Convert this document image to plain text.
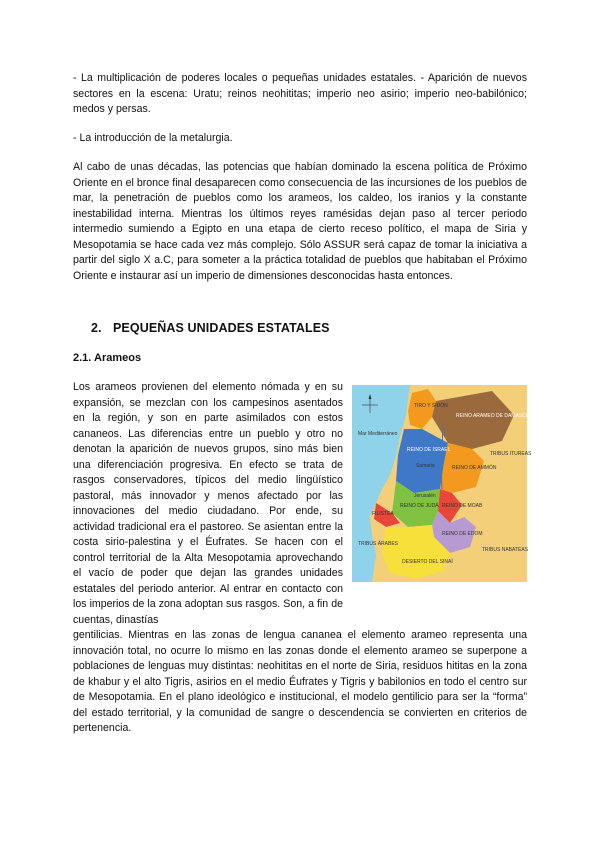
- La multiplicación de poderes locales o pequeñas unidades estatales. - Aparición de nuevos sectores en la escena: Uratu; reinos neohititas; imperio neo asirio; imperio neo-babilónico; medos y persas.
- La introducción de la metalurgia.
Al cabo de unas décadas, las potencias que habían dominado la escena política de Próximo Oriente en el bronce final desaparecen como consecuencia de las incursiones de los pueblos de mar, la penetración de pueblos como los arameos, los caldeo, los iranios y la constante inestabilidad interna. Mientras los últimos reyes ramésidas dejan paso al tercer periodo intermedio sumiendo a Egipto en una etapa de cierto receso político, el mapa de Siria y Mesopotamia se hace cada vez más complejo. Sólo ASSUR será capaz de tomar la iniciativa a partir del siglo X a.C, para someter a la práctica totalidad de pueblos que habitaban el Próximo Oriente e instaurar así un imperio de dimensiones desconocidas hasta entonces.
2. PEQUEÑAS UNIDADES ESTATALES
2.1. Arameos
Los arameos provienen del elemento nómada y en su expansión, se mezclan con los campesinos asentados en la región, y son en parte asimilados con estos cananeos. Las diferencias entre un pueblo y otro no denotan la aparición de nuevos grupos, sino más bien una diferenciación progresiva. En efecto se trata de rasgos conservadores, típicos del medio lingüístico pastoral, más innovador y menos afectado por las innovaciones del medio ciudadano. Por ende, su actividad tradicional era el pastoreo. Se asientan entre la costa sirio-palestina y el Éufrates. Se hacen con el control territorial de la Alta Mesopotamia aprovechando el vacío de poder que dejan las grandes unidades estatales del periodo anterior. Al entrar en contacto con los imperios de la zona adoptan sus rasgos. Son, a fin de cuentas, dinastías
TIRO Y SIDÓN
REINO ARAMEO DE DAMASCO
Mar Mediterráneo
TRIBUS ITUREAS
REINO DE ISRAEL
Samaria	REINO DE AMMÓN
REINO DE JUDÁ
Jerusalén
REINO DE MOAB
REINO DE EDOM
FILISTEA
TRIBUS ÁRABES
TRIBUS NABATEAS
DESIERTO DEL SINAÍ
gentilicias. Mientras en las zonas de lengua cananea el elemento arameo representa una innovación total, no ocurre lo mismo en las zonas donde el elemento arameo se superpone a poblaciones de lenguas muy distintas: neohititas en el norte de Siria, residuos hititas en la zona de khabur y el alto Tigris, asirios en el medio Éufrates y Tigris y babilonios en todo el centro sur de Mesopotamia. En el plano ideológico e institucional, el modelo gentilicio para ser la “forma” del estado territorial, y la comunidad de sangre o descendencia se convierten en criterios de pertenencia.
